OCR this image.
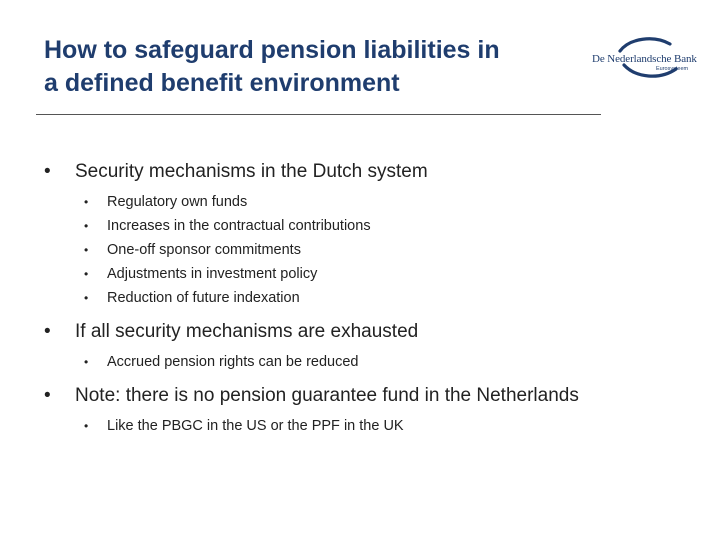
How to safeguard pension liabilities in
a defined benefit environment
De Nederlandsche Bank
Eurosysteem
• Security mechanisms in the Dutch system
• Regulatory own funds
• Increases in the contractual contributions
• One-off sponsor commitments
• Adjustments in investment policy
• Reduction of future indexation
• If all security mechanisms are exhausted
• Accrued pension rights can be reduced
• Note: there is no pension guarantee fund in the Netherlands
• Like the PBGC in the US or the PPF in the UK
